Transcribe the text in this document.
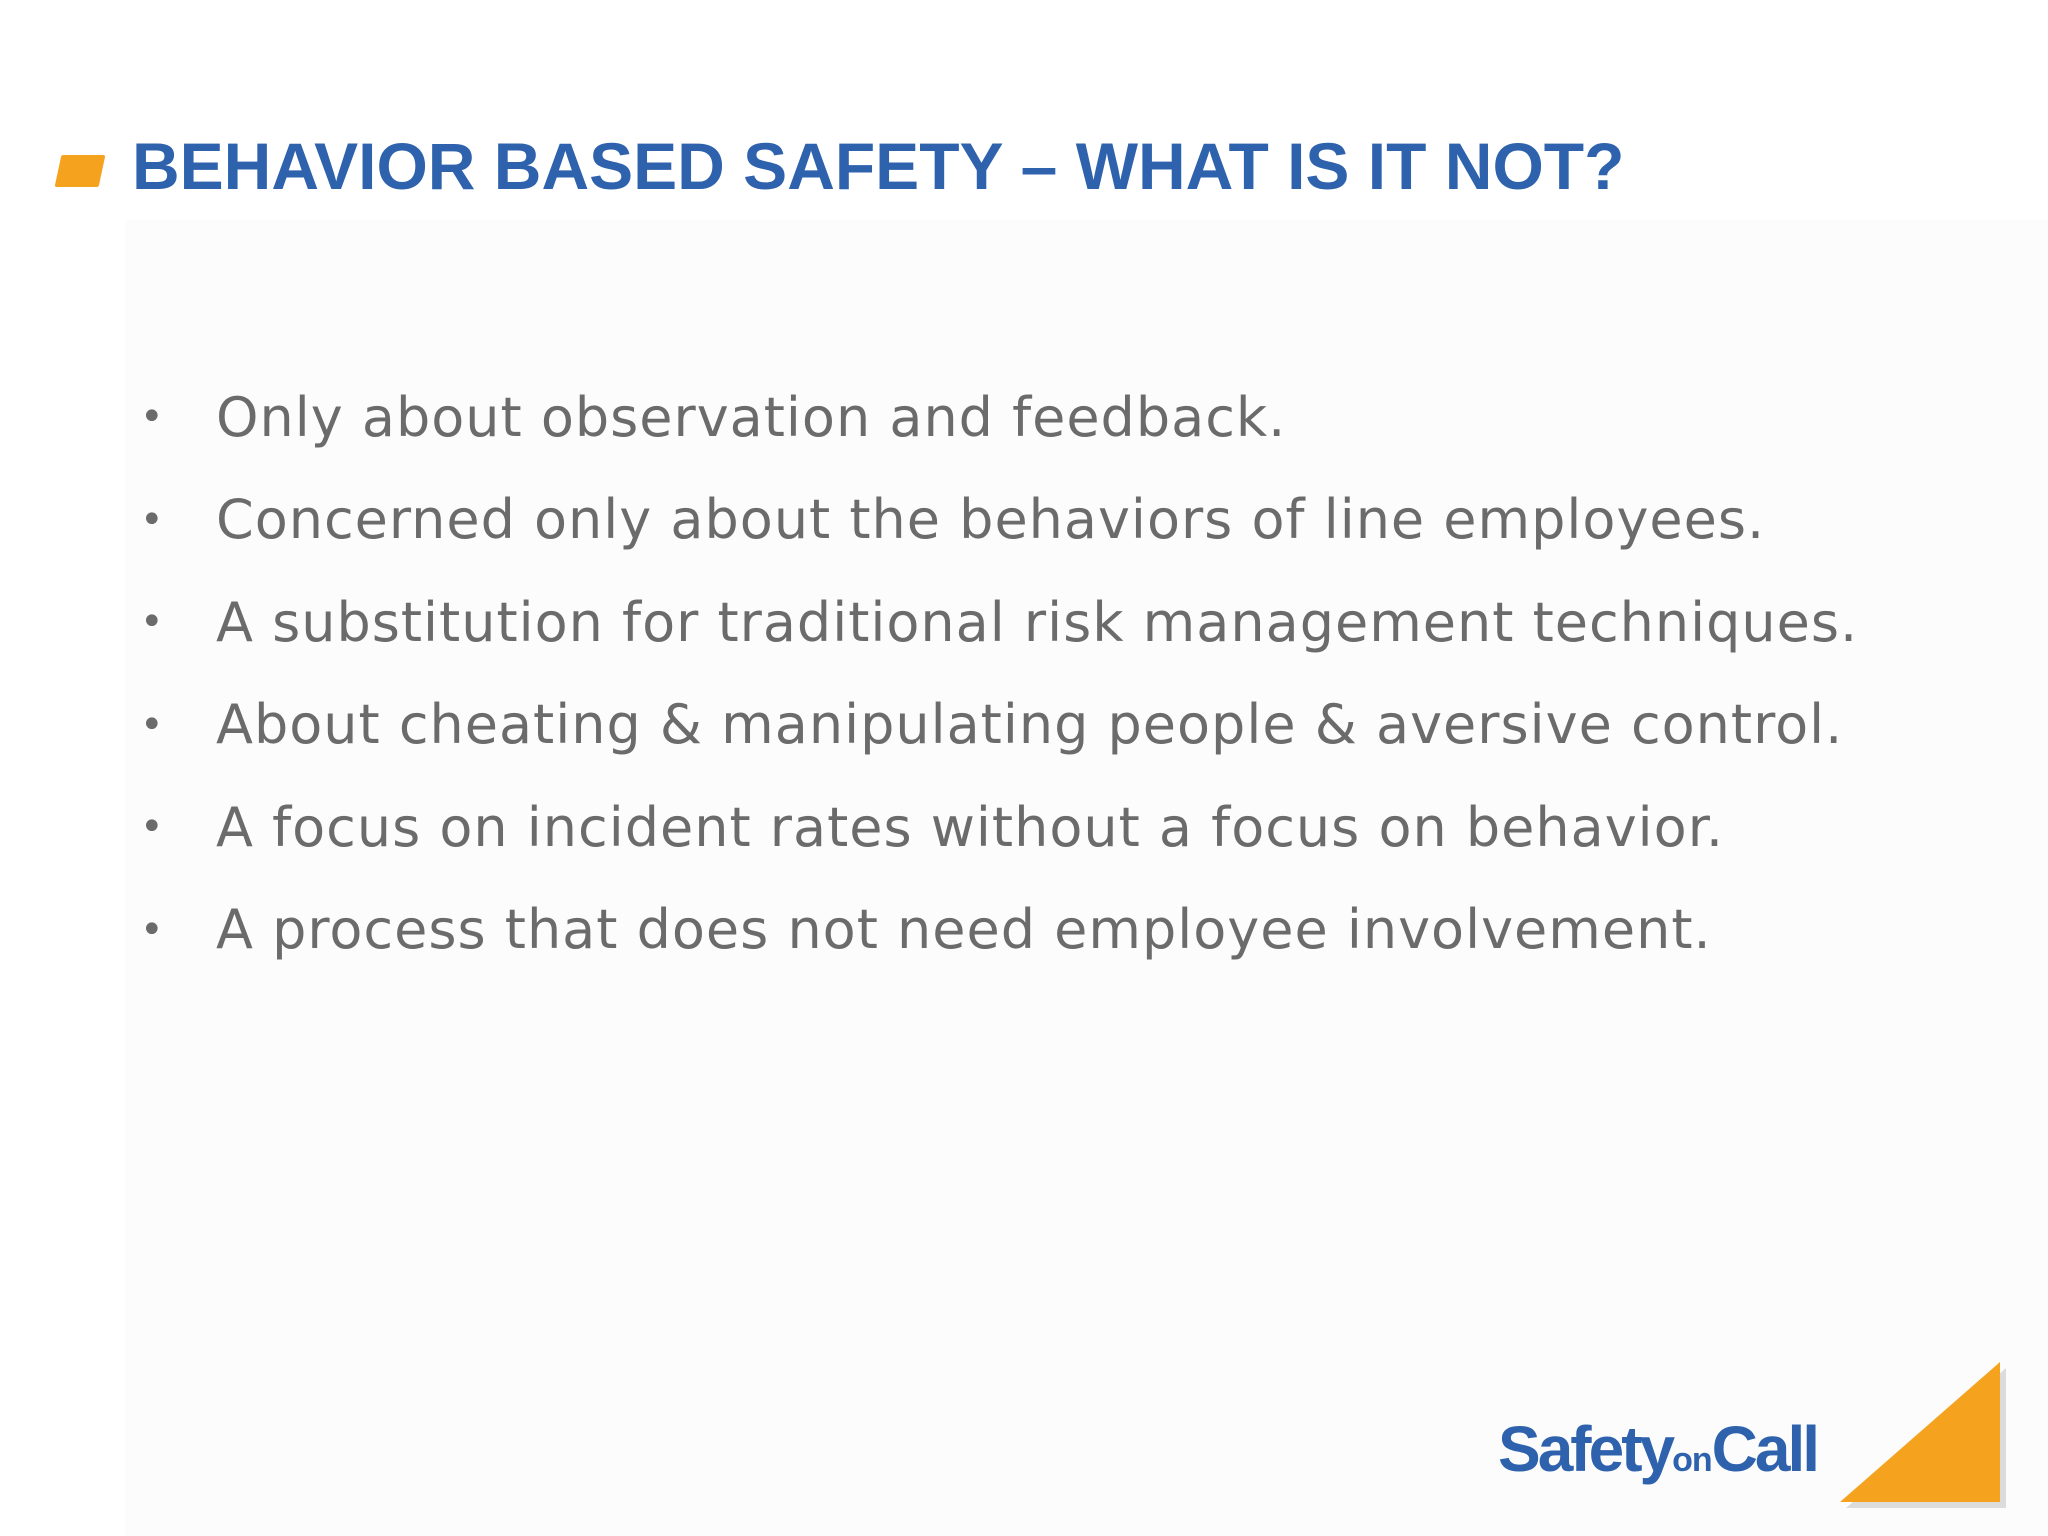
BEHAVIOR BASED SAFETY – WHAT IS IT NOT?
• Only about observation and feedback.
• Concerned only about the behaviors of line employees.
• A substitution for traditional risk management techniques.
• About cheating & manipulating people & aversive control.
• A focus on incident rates without a focus on behavior.
• A process that does not need employee involvement.
SafetyonCall
